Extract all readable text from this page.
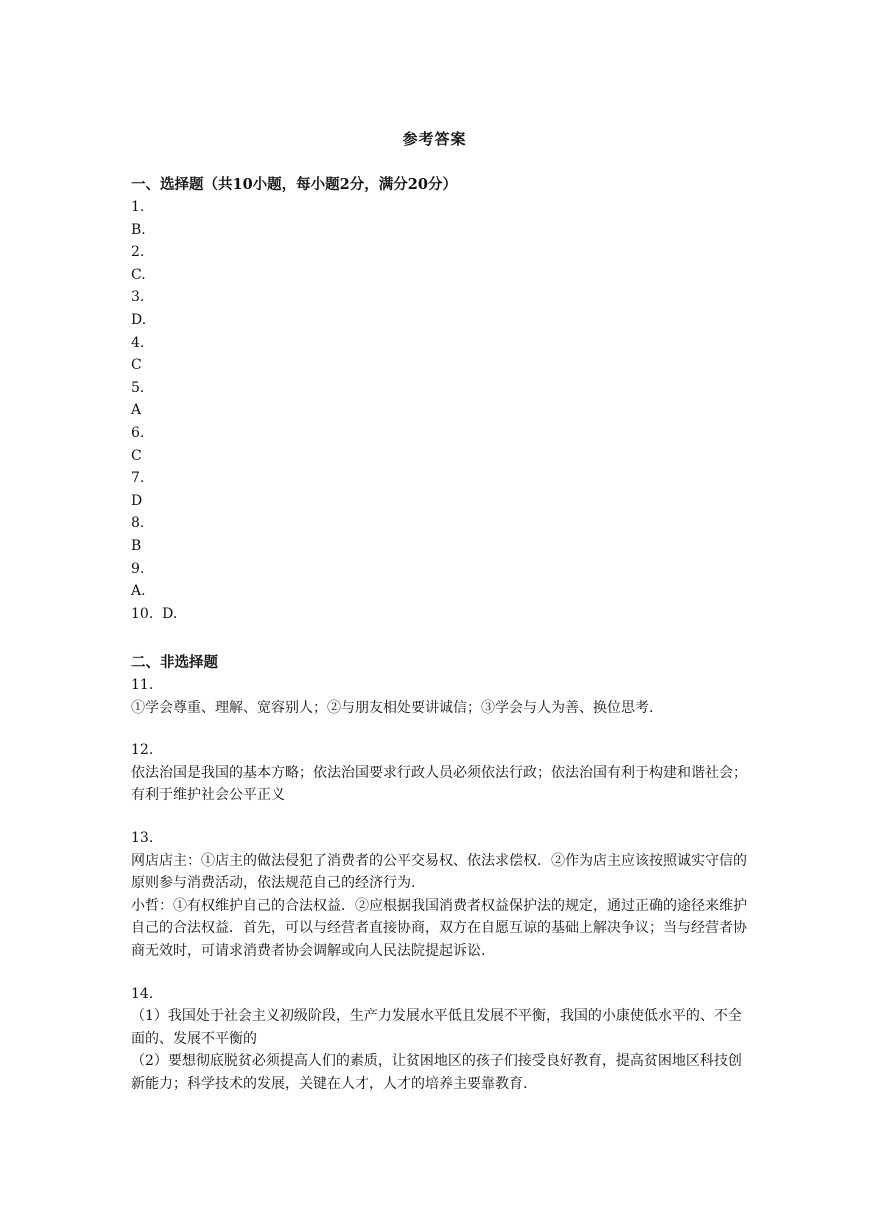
参考答案
一、选择题（共10小题，每小题2分，满分20分）
1.
B.
2.
C.
3.
D.
4.
C
5.
A
6.
C
7.
D
8.
B
9.
A.
10.  D.
二、非选择题
11.
①学会尊重、理解、宽容别人；②与朋友相处要讲诚信；③学会与人为善、换位思考.
12.
依法治国是我国的基本方略；依法治国要求行政人员必须依法行政；依法治国有利于构建和谐社会；有利于维护社会公平正义
13.
网店店主：①店主的做法侵犯了消费者的公平交易权、依法求偿权．②作为店主应该按照诚实守信的原则参与消费活动，依法规范自己的经济行为.
小哲：①有权维护自己的合法权益．②应根据我国消费者权益保护法的规定，通过正确的途径来维护自己的合法权益．首先，可以与经营者直接协商，双方在自愿互谅的基础上解决争议；当与经营者协商无效时，可请求消费者协会调解或向人民法院提起诉讼.
14.
（1）我国处于社会主义初级阶段，生产力发展水平低且发展不平衡，我国的小康使低水平的、不全面的、发展不平衡的
（2）要想彻底脱贫必须提高人们的素质，让贫困地区的孩子们接受良好教育，提高贫困地区科技创新能力；科学技术的发展，关键在人才，人才的培养主要靠教育.
